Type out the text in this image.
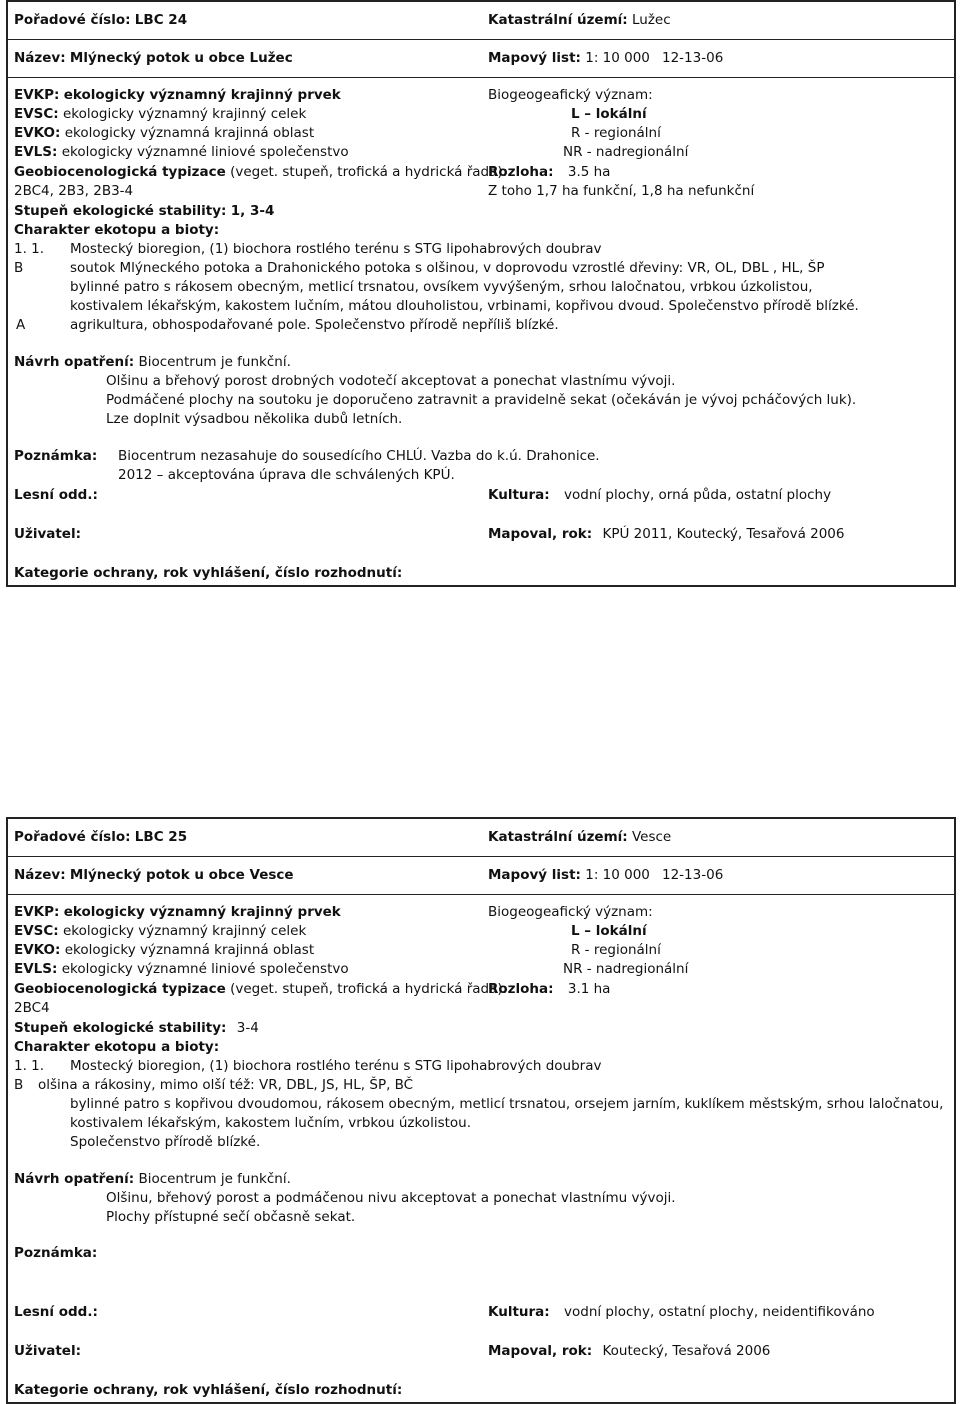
Pořadové číslo: LBC 24	Katastrální území: Lužec
Název: Mlýnecký potok u obce Lužec	Mapový list: 1: 10 000 12-13-06
EVKP: ekologicky významný krajinný prvek
EVSC: ekologicky významný krajinný celek
EVKO: ekologicky významná krajinná oblast
EVLS: ekologicky významné liniové společenstvo
Biogeogeafický význam:
L – lokální
R - regionální
NR - nadregionální
Geobiocenologická typizace (veget. stupeň, trofická a hydrická řada):
2BC4, 2B3, 2B3-4
Rozloha: 3.5 ha
Z toho 1,7 ha funkční, 1,8 ha nefunkční
Stupeň ekologické stability: 1, 3-4
Charakter ekotopu a bioty:
1. 1. Mostecký bioregion, (1) biochora rostlého terénu s STG lipohabrových doubrav
B	soutok Mlýneckého potoka a Drahonického potoka s olšinou, v doprovodu vzrostlé dřeviny: VR, OL, DBL , HL, ŠP
bylinné patro s rákosem obecným, metlicí trsnatou, ovsíkem vyvýšeným, srhou laločnatou, vrbkou úzkolistou,
kostivalem lékařským, kakostem lučním, mátou dlouholistou, vrbinami, kopřivou dvoud. Společenstvo přírodě blízké.
A	agrikultura, obhospodařované pole. Společenstvo přírodě nepříliš blízké.
Návrh opatření: Biocentrum je funkční.
Olšinu a břehový porost drobných vodotečí akceptovat a ponechat vlastnímu vývoji.
Podmáčené plochy na soutoku je doporučeno zatravnit a pravidelně sekat (očekáván je vývoj pcháčových luk).
Lze doplnit výsadbou několika dubů letních.
Poznámka: Biocentrum nezasahuje do sousedícího CHLÚ. Vazba do k.ú. Drahonice.
2012 – akceptována úprava dle schválených KPÚ.
Lesní odd.:	Kultura: vodní plochy, orná půda, ostatní plochy
Uživatel:	Mapoval, rok: KPÚ 2011, Koutecký, Tesařová 2006
Kategorie ochrany, rok vyhlášení, číslo rozhodnutí:
Pořadové číslo: LBC 25	Katastrální území: Vesce
Název: Mlýnecký potok u obce Vesce	Mapový list: 1: 10 000 12-13-06
EVKP: ekologicky významný krajinný prvek
EVSC: ekologicky významný krajinný celek
EVKO: ekologicky významná krajinná oblast
EVLS: ekologicky významné liniové společenstvo
Biogeogeafický význam:
L – lokální
R - regionální
NR - nadregionální
Geobiocenologická typizace (veget. stupeň, trofická a hydrická řada):
2BC4
Rozloha: 3.1 ha
Stupeň ekologické stability: 3-4
Charakter ekotopu a bioty:
1. 1. Mostecký bioregion, (1) biochora rostlého terénu s STG lipohabrových doubrav
B olšina a rákosiny, mimo olší též: VR, DBL, JS, HL, ŠP, BČ
bylinné patro s kopřivou dvoudomou, rákosem obecným, metlicí trsnatou, orsejem jarním, kuklíkem městským, srhou laločnatou,
kostivalem lékařským, kakostem lučním, vrbkou úzkolistou.
Společenstvo přírodě blízké.
Návrh opatření: Biocentrum je funkční.
Olšinu, břehový porost a podmáčenou nivu akceptovat a ponechat vlastnímu vývoji.
Plochy přístupné sečí občasně sekat.
Poznámka:
Lesní odd.:	Kultura: vodní plochy, ostatní plochy, neidentifikováno
Uživatel:	Mapoval, rok: Koutecký, Tesařová 2006
Kategorie ochrany, rok vyhlášení, číslo rozhodnutí:
